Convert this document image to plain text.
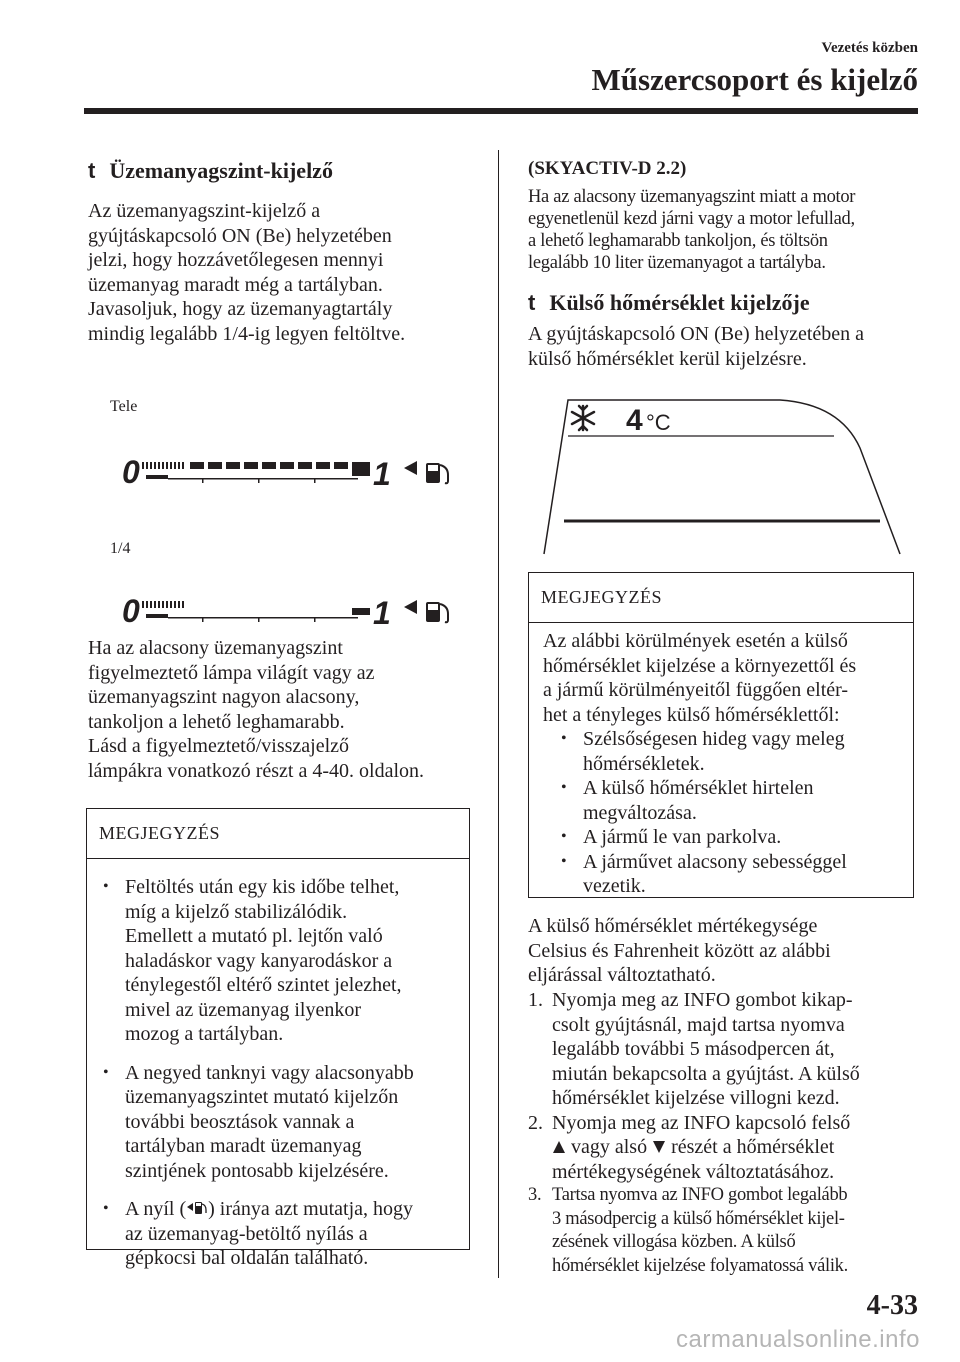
Vezetés közben
Műszercsoport és kijelző
t Üzemanyagszint-kijelző
Az üzemanyagszint-kijelző a
gyújtáskapcsoló ON (Be) helyzetében
jelzi, hogy hozzávetőlegesen mennyi
üzemanyag maradt még a tartályban.
Javasoljuk, hogy az üzemanyagtartály
mindig legalább 1/4-ig legyen feltöltve.
Tele
0	1
1/4
0	1
Ha az alacsony üzemanyagszint
figyelmeztető lámpa világít vagy az
üzemanyagszint nagyon alacsony,
tankoljon a lehető leghamarabb.
Lásd a figyelmeztető/visszajelző
lámpákra vonatkozó részt a 4-40. oldalon.
MEGJEGYZÉS
• Feltöltés után egy kis időbe telhet,
míg a kijelző stabilizálódik.
Emellett a mutató pl. lejtőn való
haladáskor vagy kanyarodáskor a
ténylegestől eltérő szintet jelezhet,
mivel az üzemanyag ilyenkor
mozog a tartályban.
• A negyed tanknyi vagy alacsonyabb
üzemanyagszintet mutató kijelzőn
további beosztások vannak a
tartályban maradt üzemanyag
szintjének pontosabb kijelzésére.
• A nyíl ( ) iránya azt mutatja, hogy
az üzemanyag-betöltő nyílás a
gépkocsi bal oldalán található.
(SKYACTIV-D 2.2)
Ha az alacsony üzemanyagszint miatt a motor
egyenetlenül kezd járni vagy a motor lefullad,
a lehető leghamarabb tankoljon, és töltsön
legalább 10 liter üzemanyagot a tartályba.
t Külső hőmérséklet kijelzője
A gyújtáskapcsoló ON (Be) helyzetében a
külső hőmérséklet kerül kijelzésre.
4 °C
MEGJEGYZÉS
Az alábbi körülmények esetén a külső
hőmérséklet kijelzése a környezettől és
a jármű körülményeitől függően eltér-
het a tényleges külső hőmérséklettől:
• Szélsőségesen hideg vagy meleg
hőmérsékletek.
• A külső hőmérséklet hirtelen
megváltozása.
• A jármű le van parkolva.
• A járművet alacsony sebességgel
vezetik.
A külső hőmérséklet mértékegysége
Celsius és Fahrenheit között az alábbi
eljárással változtatható.
1. Nyomja meg az INFO gombot kikap-
csolt gyújtásnál, majd tartsa nyomva
legalább további 5 másodpercen át,
miután bekapcsolta a gyújtást. A külső
hőmérséklet kijelzése villogni kezd.
2. Nyomja meg az INFO kapcsoló felső
vagy alsó részét a hőmérséklet
mértékegységének változtatásához.
3. Tartsa nyomva az INFO gombot legalább
3 másodpercig a külső hőmérséklet kijel-
zésének villogása közben. A külső
hőmérséklet kijelzése folyamatossá válik.
4-33
carmanualsonline.info
